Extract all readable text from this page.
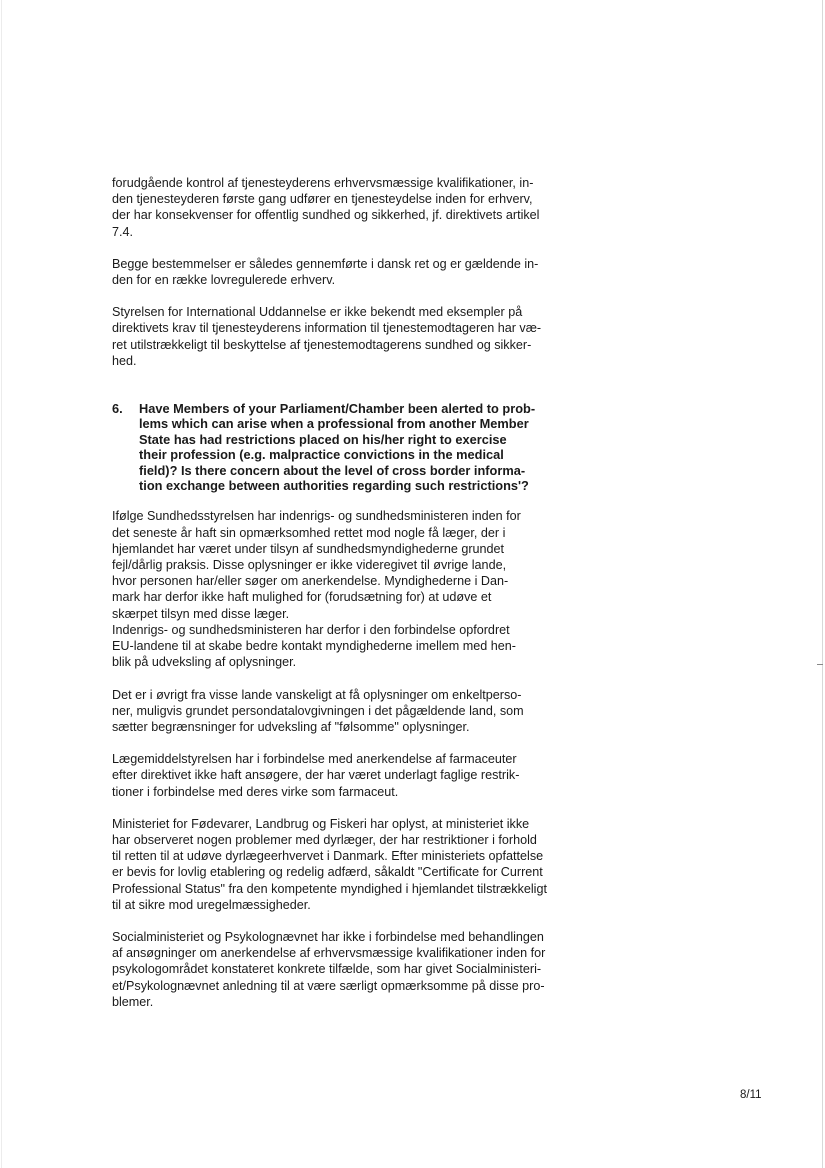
forudgående kontrol af tjenesteyderens erhvervsmæssige kvalifikationer, in-
den tjenesteyderen første gang udfører en tjenesteydelse inden for erhverv,
der har konsekvenser for offentlig sundhed og sikkerhed, jf. direktivets artikel
7.4.

Begge bestemmelser er således gennemførte i dansk ret og er gældende in-
den for en række lovregulerede erhverv.

Styrelsen for International Uddannelse er ikke bekendt med eksempler på
direktivets krav til tjenesteyderens information til tjenestemodtageren har væ-
ret utilstrækkeligt til beskyttelse af tjenestemodtagerens sundhed og sikker-
hed.

6.	Have Members of your Parliament/Chamber been alerted to prob-
lems which can arise when a professional from another Member
State has had restrictions placed on his/her right to exercise
their profession (e.g. malpractice convictions in the medical
field)? Is there concern about the level of cross border informa-
tion exchange between authorities regarding such restrictions'?

Ifølge Sundhedsstyrelsen har indenrigs- og sundhedsministeren inden for
det seneste år haft sin opmærksomhed rettet mod nogle få læger, der i
hjemlandet har været under tilsyn af sundhedsmyndighederne grundet
fejl/dårlig praksis. Disse oplysninger er ikke videregivet til øvrige lande,
hvor personen har/eller søger om anerkendelse. Myndighederne i Dan-
mark har derfor ikke haft mulighed for (forudsætning for) at udøve et
skærpet tilsyn med disse læger.
Indenrigs- og sundhedsministeren har derfor i den forbindelse opfordret
EU-landene til at skabe bedre kontakt myndighederne imellem med hen-
blik på udveksling af oplysninger.

Det er i øvrigt fra visse lande vanskeligt at få oplysninger om enkeltperso-
ner, muligvis grundet persondatalovgivningen i det pågældende land, som
sætter begrænsninger for udveksling af "følsomme" oplysninger.

Lægemiddelstyrelsen har i forbindelse med anerkendelse af farmaceuter
efter direktivet ikke haft ansøgere, der har været underlagt faglige restrik-
tioner i forbindelse med deres virke som farmaceut.

Ministeriet for Fødevarer, Landbrug og Fiskeri har oplyst, at ministeriet ikke
har observeret nogen problemer med dyrlæger, der har restriktioner i forhold
til retten til at udøve dyrlægeerhvervet i Danmark. Efter ministeriets opfattelse
er bevis for lovlig etablering og redelig adfærd, såkaldt "Certificate for Current
Professional Status" fra den kompetente myndighed i hjemlandet tilstrækkeligt
til at sikre mod uregelmæssigheder.

Socialministeriet og Psykolognævnet har ikke i forbindelse med behandlingen
af ansøgninger om anerkendelse af erhvervsmæssige kvalifikationer inden for
psykologområdet konstateret konkrete tilfælde, som har givet Socialministeri-
et/Psykolognævnet anledning til at være særligt opmærksomme på disse pro-
blemer.

8/11
